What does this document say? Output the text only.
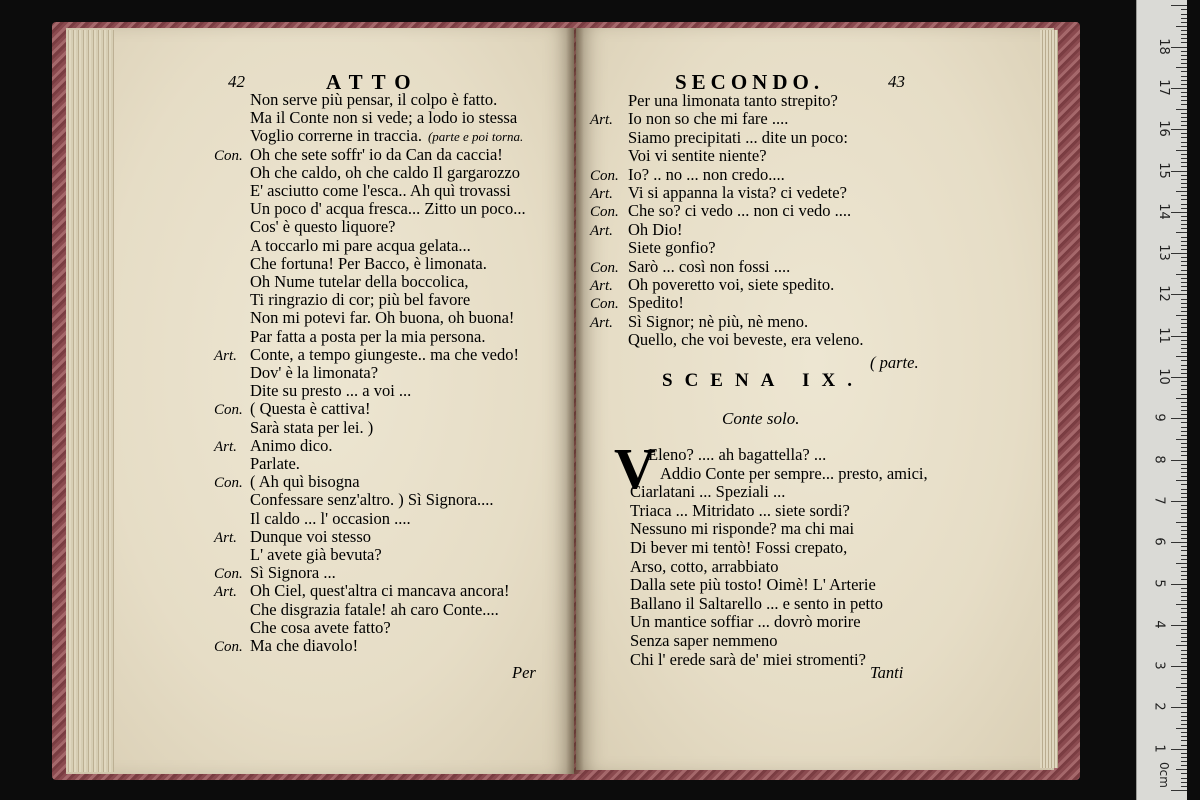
42	ATTO	SECONDO.	43
Non serve più pensar, il colpo è fatto.
Ma il Conte non si vede; a lodo io stessa
Voglio correrne in traccia. (parte e poi torna.
Con. Oh che sete soffr' io da Can da caccia!
Oh che caldo, oh che caldo Il gargarozzo
E' asciutto come l'esca.. Ah quì trovassi
Un poco d' acqua fresca... Zitto un poco...
Cos' è questo liquore?
A toccarlo mi pare acqua gelata...
Che fortuna! Per Bacco, è limonata.
Oh Nume tutelar della boccolica,
Ti ringrazio di cor; più bel favore
Non mi potevi far. Oh buona, oh buona!
Par fatta a posta per la mia persona.
Art. Conte, a tempo giungeste.. ma che vedo!
Dov' è la limonata?
Dite su presto ... a voi ...
Con. ( Questa è cattiva!
Sarà stata per lei. )
Art. Animo dico.
Parlate.
Con. ( Ah quì bisogna
Confessare senz'altro. ) Sì Signora....
Il caldo ... l' occasion ....
Art. Dunque voi stesso
L' avete già bevuta?
Con. Sì Signora ...
Art. Oh Ciel, quest'altra ci mancava ancora!
Che disgrazia fatale! ah caro Conte....
Che cosa avete fatto?
Con. Ma che diavolo!
Per
Per una limonata tanto strepito?
Art. Io non so che mi fare ....
Siamo precipitati ... dite un poco:
Voi vi sentite niente?
Con. Io? .. no ... non credo....
Art. Vi si appanna la vista? ci vedete?
Con. Che so? ci vedo ... non ci vedo ....
Art. Oh Dio!
Siete gonfio?
Con. Sarò ... così non fossi ....
Art. Oh poveretto voi, siete spedito.
Con. Spedito!
Art. Sì Signor; nè più, nè meno.
Quello, che voi beveste, era veleno.
( parte.
SCENA IX.
Conte solo.
V
Eleno? .... ah bagattella? ...
Addio Conte per sempre... presto, amici,
Ciarlatani ... Speziali ...
Triaca ... Mitridato ... siete sordi?
Nessuno mi risponde? ma chi mai
Di bever mi tentò! Fossi crepato,
Arso, cotto, arrabbiato
Dalla sete più tosto! Oimè! L' Arterie
Ballano il Saltarello ... e sento in petto
Un mantice soffiar ... dovrò morire
Senza saper nemmeno
Chi l' erede sarà de' miei stromenti?
Tanti
0cm
18
17
16
15
14
13
12
11
10
9
8
7
6
5
4
3
2
1
